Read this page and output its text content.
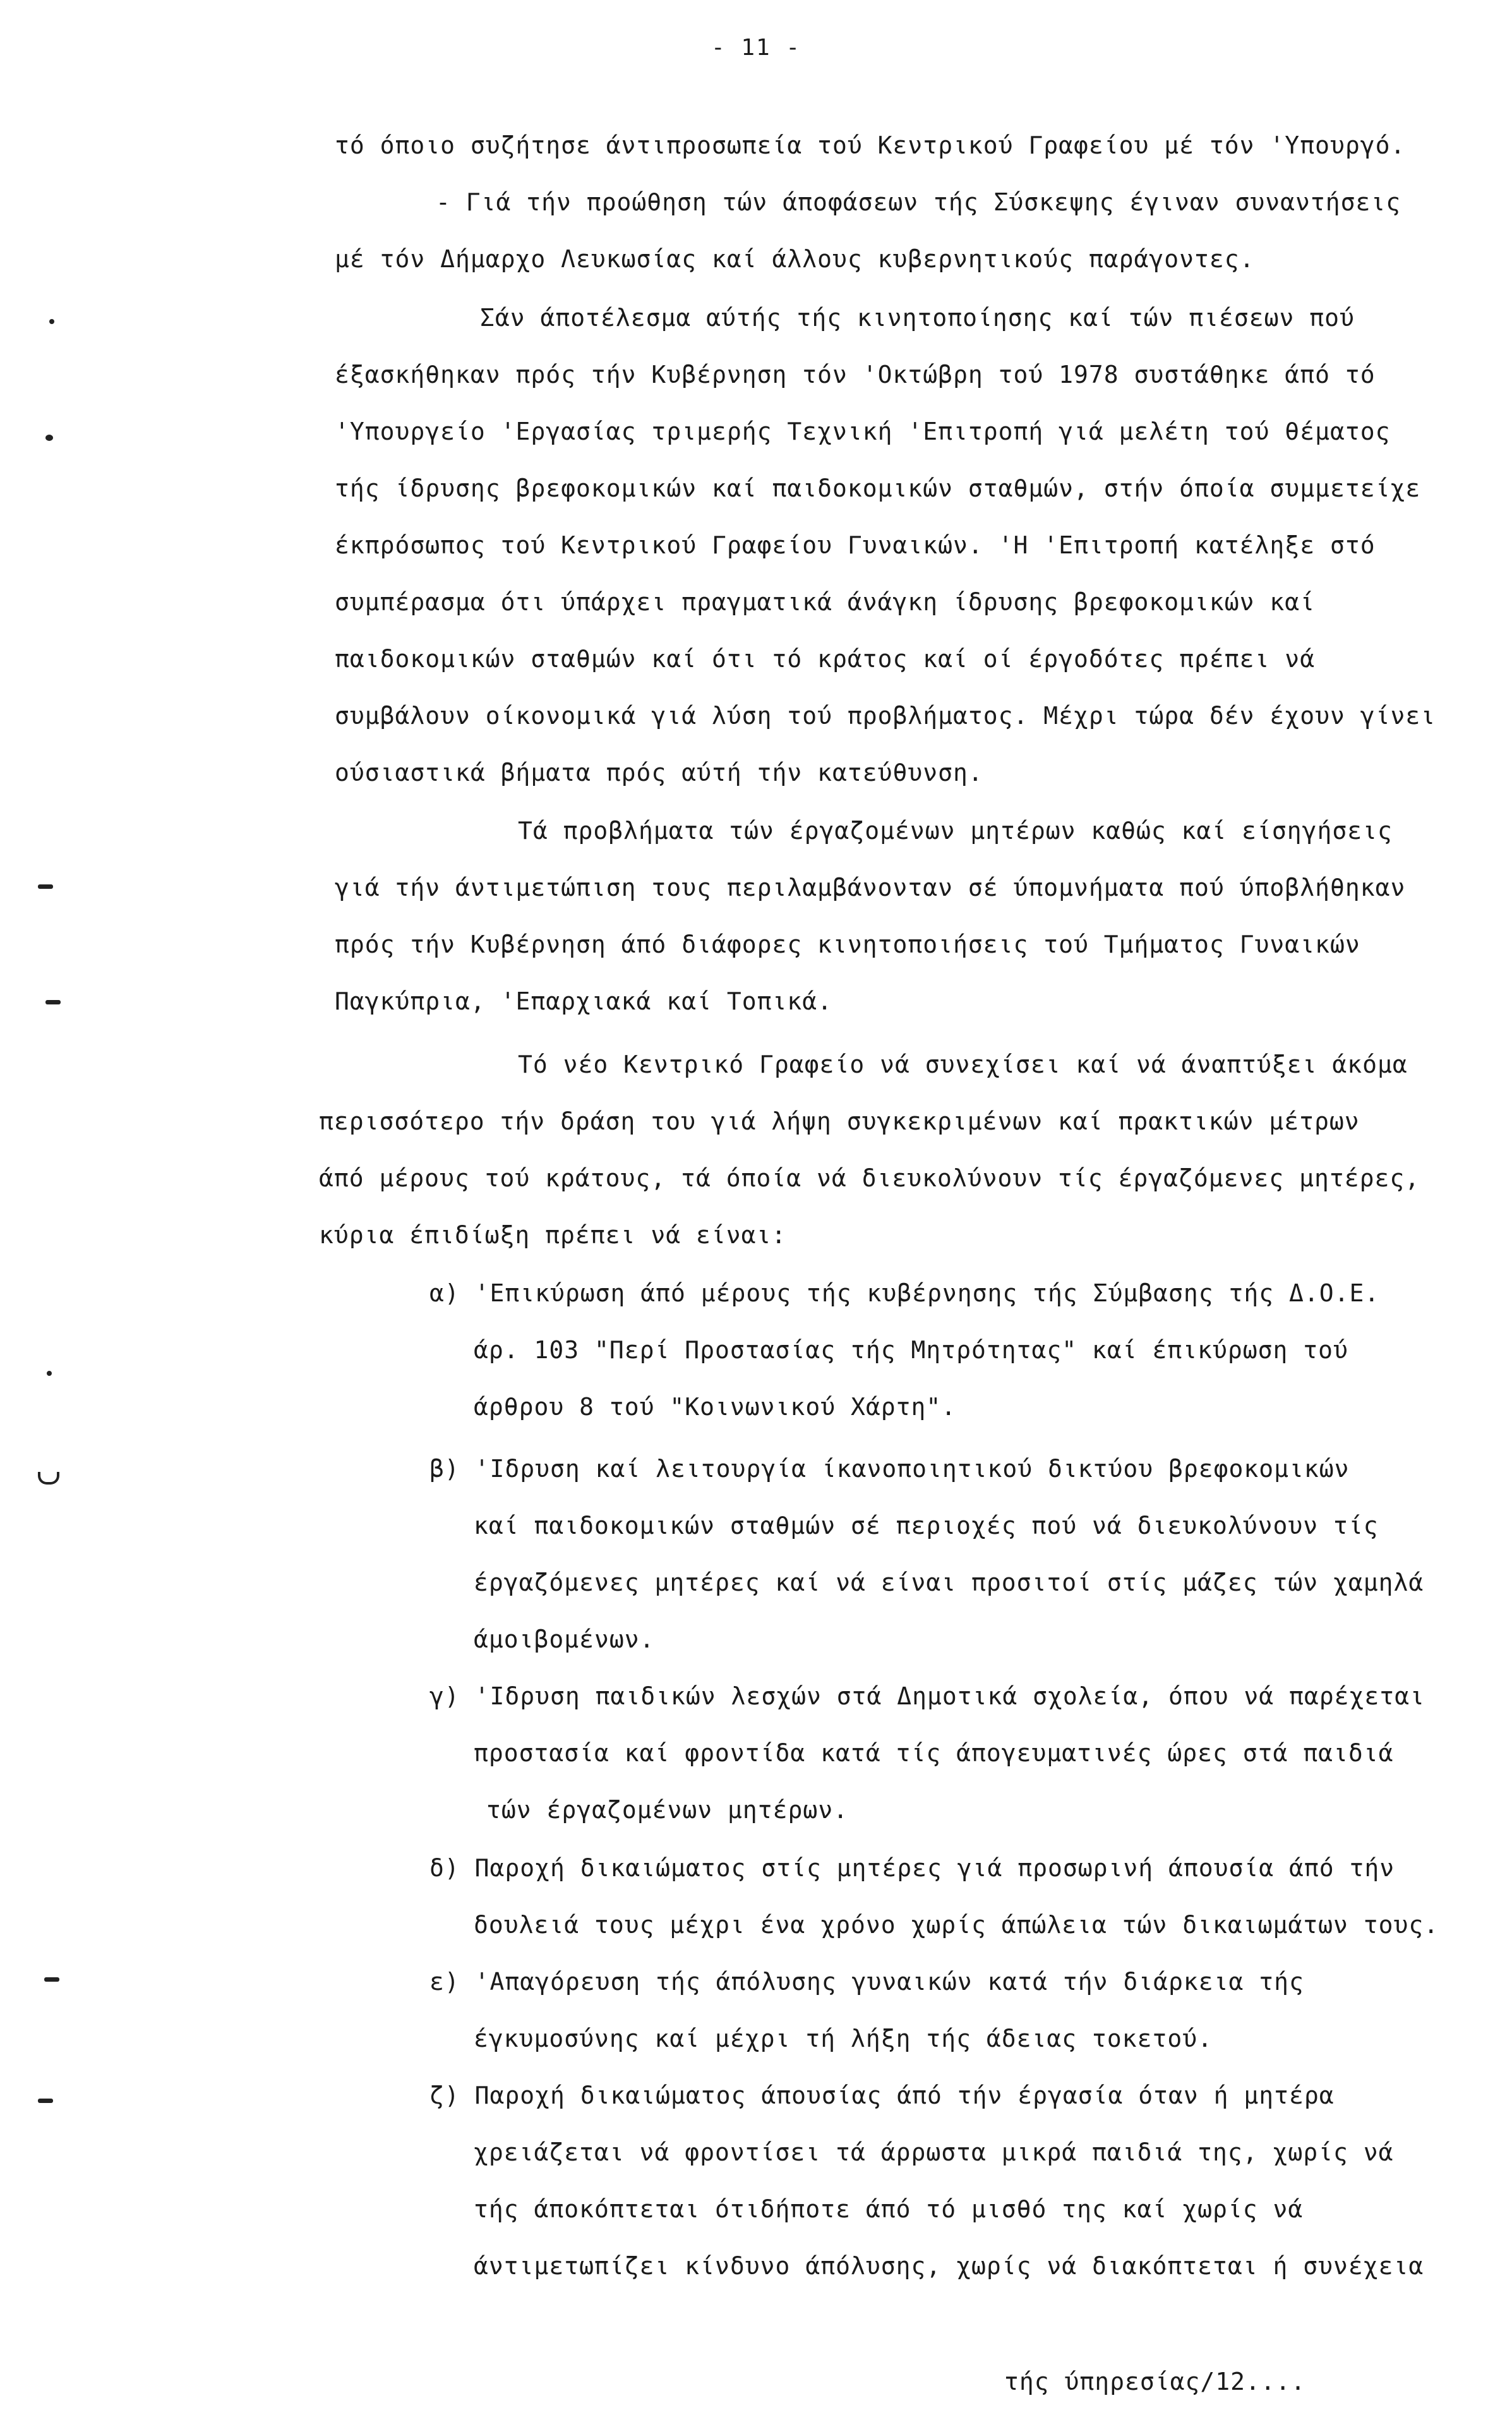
- 11 -
τό όποιο συζήτησε άντιπροσωπεία τού Κεντρικού Γραφείου μέ τόν 'Υπουργό.
- Γιά τήν προώθηση τών άποφάσεων τής Σύσκεψης έγιναν συναντήσεις
μέ τόν Δήμαρχο Λευκωσίας καί άλλους κυβερνητικούς παράγοντες.
Σάν άποτέλεσμα αύτής τής κινητοποίησης καί τών πιέσεων πού
έξασκήθηκαν πρός τήν Κυβέρνηση τόν 'Οκτώβρη τού 1978 συστάθηκε άπό τό
'Υπουργείο 'Εργασίας τριμερής Τεχνική 'Επιτροπή γιά μελέτη τού θέματος
τής ίδρυσης βρεφοκομικών καί παιδοκομικών σταθμών, στήν όποία συμμετείχε
έκπρόσωπος τού Κεντρικού Γραφείου Γυναικών. 'Η 'Επιτροπή κατέληξε στό
συμπέρασμα ότι ύπάρχει πραγματικά άνάγκη ίδρυσης βρεφοκομικών καί
παιδοκομικών σταθμών καί ότι τό κράτος καί οί έργοδότες πρέπει νά
συμβάλουν οίκονομικά γιά λύση τού προβλήματος. Μέχρι τώρα δέν έχουν γίνει
ούσιαστικά βήματα πρός αύτή τήν κατεύθυνση.
Τά προβλήματα τών έργαζομένων μητέρων καθώς καί είσηγήσεις
γιά τήν άντιμετώπιση τους περιλαμβάνονταν σέ ύπομνήματα πού ύποβλήθηκαν
πρός τήν Κυβέρνηση άπό διάφορες κινητοποιήσεις τού Τμήματος Γυναικών
Παγκύπρια, 'Επαρχιακά καί Τοπικά.
Τό νέο Κεντρικό Γραφείο νά συνεχίσει καί νά άναπτύξει άκόμα
περισσότερο τήν δράση του γιά λήψη συγκεκριμένων καί πρακτικών μέτρων
άπό μέρους τού κράτους, τά όποία νά διευκολύνουν τίς έργαζόμενες μητέρες,
κύρια έπιδίωξη πρέπει νά είναι:
α) 'Επικύρωση άπό μέρους τής κυβέρνησης τής Σύμβασης τής Δ.Ο.Ε.
άρ. 103 "Περί Προστασίας τής Μητρότητας" καί έπικύρωση τού
άρθρου 8 τού "Κοινωνικού Χάρτη".
β) 'Ιδρυση καί λειτουργία ίκανοποιητικού δικτύου βρεφοκομικών
καί παιδοκομικών σταθμών σέ περιοχές πού νά διευκολύνουν τίς
έργαζόμενες μητέρες καί νά είναι προσιτοί στίς μάζες τών χαμηλά
άμοιβομένων.
γ) 'Ιδρυση παιδικών λεσχών στά Δημοτικά σχολεία, όπου νά παρέχεται
προστασία καί φροντίδα κατά τίς άπογευματινές ώρες στά παιδιά
τών έργαζομένων μητέρων.
δ) Παροχή δικαιώματος στίς μητέρες γιά προσωρινή άπουσία άπό τήν
δουλειά τους μέχρι ένα χρόνο χωρίς άπώλεια τών δικαιωμάτων τους.
ε) 'Απαγόρευση τής άπόλυσης γυναικών κατά τήν διάρκεια τής
έγκυμοσύνης καί μέχρι τή λήξη τής άδειας τοκετού.
ζ) Παροχή δικαιώματος άπουσίας άπό τήν έργασία όταν ή μητέρα
χρειάζεται νά φροντίσει τά άρρωστα μικρά παιδιά της, χωρίς νά
τής άποκόπτεται ότιδήποτε άπό τό μισθό της καί χωρίς νά
άντιμετωπίζει κίνδυνο άπόλυσης, χωρίς νά διακόπτεται ή συνέχεια
τής ύπηρεσίας/12....
